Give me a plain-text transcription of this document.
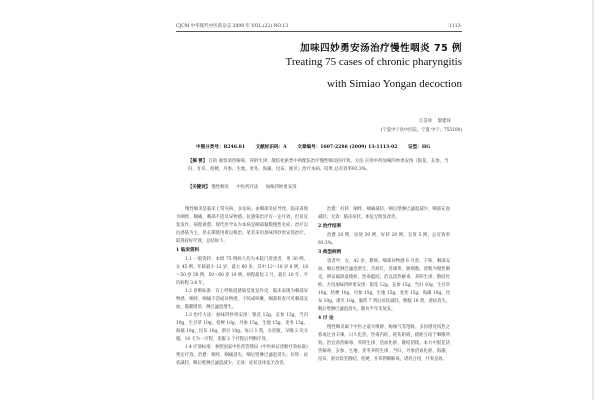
CJCM 中华现代中医药杂志 2009 年 VOL.(22) NO.13	-1113-
加味四妙勇安汤治疗慢性咽炎 75 例
Treating 75 cases of chronic pharyngitis
with Simiao Yongan decoction
万美珍 黎建珍
(宁夏中宁县中医院，宁夏 中宁，755100)
中图分类号：R246.81 文献标识码：A 文章编号：1607-2286 (2009) 13-1113-02 证型：HG
【摘 要】 目的 观察清热解毒、养阴生津、散结化瘀类中药配伍治疗慢性咽炎的疗效。方法 应用中药加味四妙勇安汤（银花、玄参、当归、甘草、桔梗、丹参、生地、麦冬、海藻、昆布、浙贝）治疗本病。结果 总有效率93.3%。
【关键词】 慢性咽炎 中医药疗法 加味四妙勇安汤

慢性咽炎是临床上常见病、多发病。由咽部炎症导致，临床表现为咽痒、咽痛、咽部不适及异物感。抗感染治疗有一定疗效，但易反复发作，病程难愈。现代医学认为本病是咽部黏膜慢性炎症。治疗以抗感染为主，但长期使用难以根治。笔者采用加味四妙勇安汤治疗，取得较好疗效，总结如下。

1 临床资料

1.1 一般资料：本组 75 例病人均为本院门诊患者，男 30 例，女 45 例；年龄最小 12 岁，最大 60 岁，其中 12～18 岁 6 例，18～50 岁 50 例，50～60 岁 19 例。病程最短 2 月，最长 10 年，平均病程 3.8 年。

1.2 诊断标准：有上呼吸道感染反复发作史，临床表现为咽部异物感，咽痒、咽痛不适或异物感，干咳或咳嗽，咽部检查可见咽部充血、黏膜增厚、淋巴滤泡增生。

1.3 治疗方法：加味四妙勇安汤：银花 12g，玄参 15g，当归 10g，生甘草 10g，桔梗 10g，丹参 15g，生地 15g，麦冬 15g，海藻 10g，昆布 10g，浙贝 10g。每日 1 剂，水煎服，早晚 2 次分服。10 天为一疗程，连服 2 个疗程后判断疗效。

1.4 疗效标准：参照国家中医药管理局《中医病证诊断疗效标准》判定疗效。治愈：咽痒、咽痛消失，咽后壁淋巴滤泡消失；好转：症状减轻，咽后壁淋巴滤泡减少；无效：症状及体征无改善。

治愈：好转：咽痒、咽痛减轻，咽后壁淋巴滤泡减少，咽部充血减轻；无效：临床症状、体征无明显改善。

2 治疗结果

治愈 20 例，显效 30 例，好转 20 例，无效 5 例，总有效率 93.3%。

3 典型病例

患者甲，女，42 岁，教师。咽部异物感 6 月余，干咳，咽部充血，咽后壁淋巴滤泡增生，舌质红，苔薄黄，脉细数。诊断为慢性咽炎。辨证属阴虚痰瘀，热毒蕴结。治以清热解毒、养阴生津、散结化瘀。方用加味四妙勇安汤：银花 12g，玄参 15g，当归 10g，生甘草 10g，桔梗 10g，丹参 15g，生地 15g，麦冬 15g，海藻 10g，昆布 10g，浙贝 10g。服药 7 剂后症状减轻，继服 10 剂，诸症消失，咽后壁淋巴滤泡消失，随访半年未复发。

4 讨 论

慢性咽炎属于中医之虚火喉痹、梅核气等范畴。多因感受风热之邪或过食辛辣，日久化热，热毒内结，耗伤阴液，痰瘀互结于咽喉所致。治宜清热解毒、养阴生津、活血化瘀、散结消痰。本方中银花清热解毒，玄参、生地、麦冬养阴生津，当归、丹参活血化瘀，海藻、昆布、浙贝软坚散结，桔梗、甘草利咽解毒，诸药合用，共奏良效。
